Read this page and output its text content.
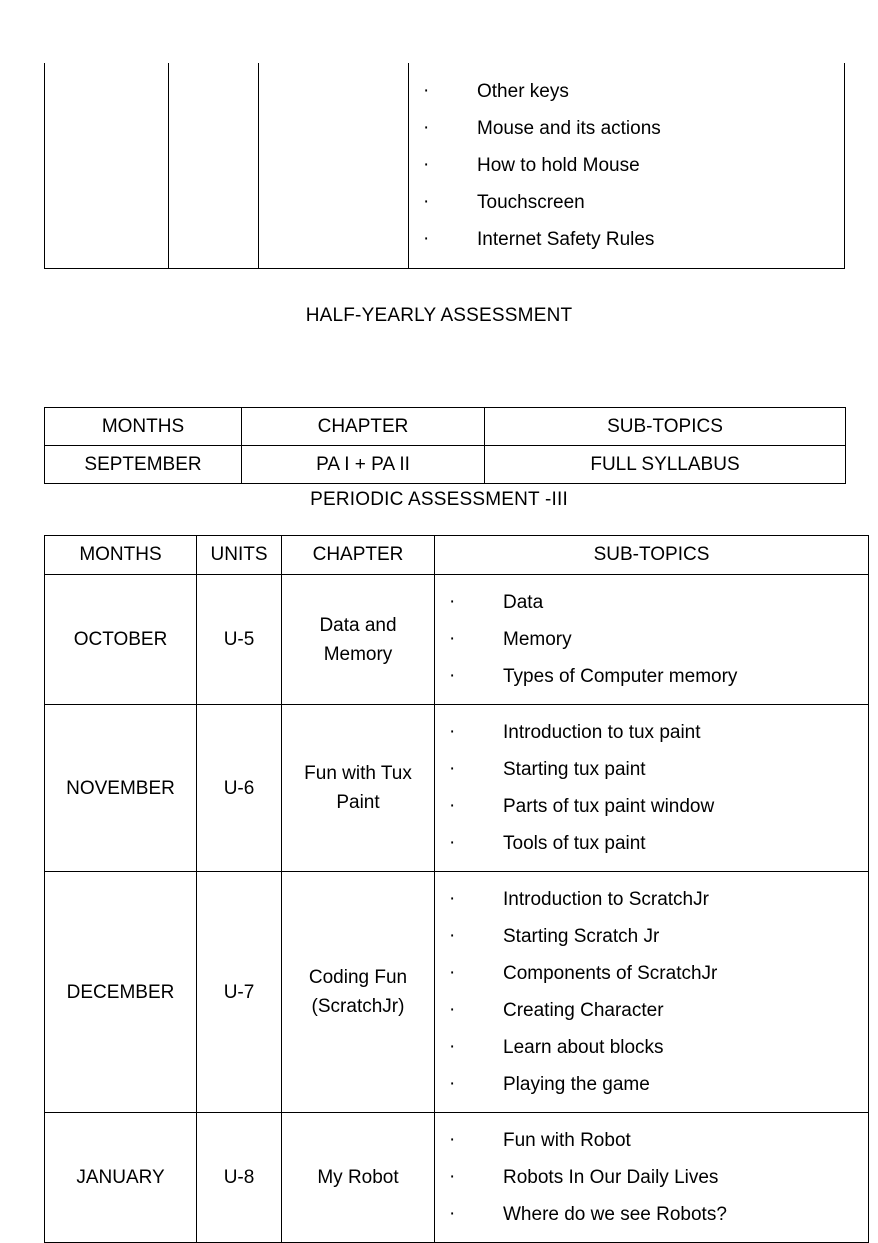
· Other keys
· Mouse and its actions
· How to hold Mouse
· Touchscreen
· Internet Safety Rules
HALF-YEARLY ASSESSMENT
MONTHS	CHAPTER	SUB-TOPICS
SEPTEMBER	PA I + PA II	FULL SYLLABUS
PERIODIC ASSESSMENT -III
MONTHS	UNITS	CHAPTER	SUB-TOPICS
OCTOBER	U-5	Data and
Memory	
· Data
· Memory
· Types of Computer memory

NOVEMBER	U-6	Fun with Tux
Paint	
· Introduction to tux paint
· Starting tux paint
· Parts of tux paint window
· Tools of tux paint

DECEMBER	U-7	Coding Fun
(ScratchJr)	
· Introduction to ScratchJr
· Starting Scratch Jr
· Components of ScratchJr
· Creating Character
· Learn about blocks
· Playing the game

JANUARY	U-8	My Robot	
· Fun with Robot
· Robots In Our Daily Lives
· Where do we see Robots?
